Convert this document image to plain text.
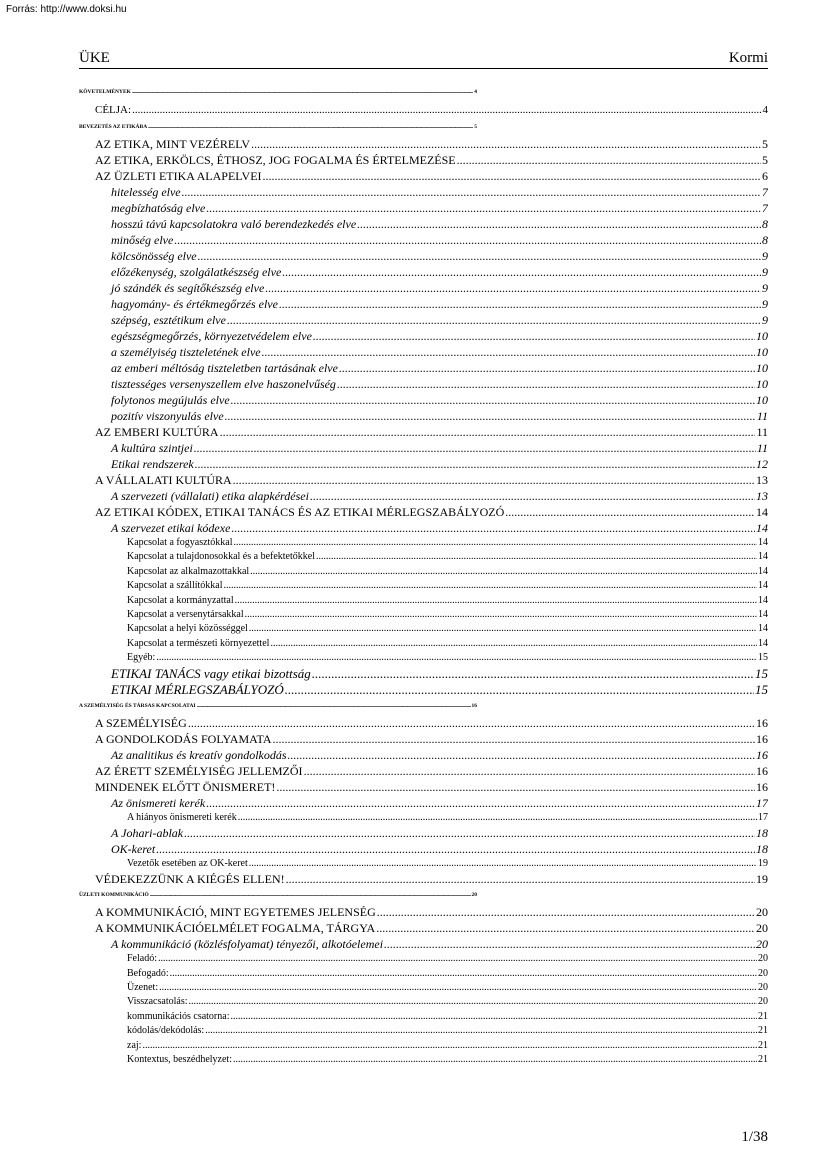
Forrás: http://www.doksi.hu
ÜKE	Kormi
KÖVETELMÉNYEK .....	4
CÉLJA: .....	4
BEVEZETÉS AZ ETIKÁBA .....	5
AZ ETIKA, MINT VEZÉRELV .....	5
AZ ETIKA, ERKÖLCS, ÉTHOSZ, JOG FOGALMA ÉS ÉRTELMEZÉSE .....	5
AZ ÜZLETI ETIKA ALAPELVEI .....	6
hitelesség elve .....	7
megbízhatóság elve .....	7
hosszú távú kapcsolatokra való berendezkedés elve .....	8
minőség elve .....	8
kölcsönösség elve .....	9
előzékenység, szolgálatkészség elve .....	9
jó szándék és segítőkészség elve .....	9
hagyomány- és értékmegőrzés elve .....	9
szépség, esztétikum elve .....	9
egészségmegőrzés, környezetvédelem elve .....	10
a személyiség tiszteletének elve .....	10
az emberi méltóság tiszteletben tartásának elve .....	10
tisztességes versenyszellem elve haszonelvűség .....	10
folytonos megújulás elve .....	10
pozitív viszonyulás elve .....	11
AZ EMBERI KULTÚRA .....	11
A kultúra szintjei .....	11
Etikai rendszerek .....	12
A VÁLLALATI KULTÚRA .....	13
A szervezeti (vállalati) etika alapkérdései .....	13
AZ ETIKAI KÓDEX, ETIKAI TANÁCS ÉS AZ ETIKAI MÉRLEGSZABÁLYOZÓ .....	14
A szervezet etikai kódexe .....	14
Kapcsolat a fogyasztókkal .....	14
Kapcsolat a tulajdonosokkal és a befektetőkkel .....	14
Kapcsolat az alkalmazottakkal .....	14
Kapcsolat a szállítókkal .....	14
Kapcsolat a kormányzattal .....	14
Kapcsolat a versenytársakkal .....	14
Kapcsolat a helyi közösséggel .....	14
Kapcsolat a természeti környezettel .....	14
Egyéb: .....	15
ETIKAI TANÁCS vagy etikai bizottság .....	15
ETIKAI MÉRLEGSZABÁLYOZÓ .....	15
A SZEMÉLYISÉG ÉS TÁRSAS KAPCSOLATAI .....	16
A SZEMÉLYISÉG .....	16
A GONDOLKODÁS FOLYAMATA .....	16
Az analitikus és kreatív gondolkodás .....	16
AZ ÉRETT SZEMÉLYISÉG JELLEMZŐI .....	16
MINDENEK ELŐTT ÖNISMERET! .....	16
Az önismereti kerék .....	17
A hiányos önismereti kerék .....	17
A Johari-ablak .....	18
OK-keret .....	18
Vezetők esetében az OK-keret .....	19
VÉDEKEZZÜNK A KIÉGÉS ELLEN! .....	19
ÜZLETI KOMMUNIKÁCIÓ .....	20
A KOMMUNIKÁCIÓ, MINT EGYETEMES JELENSÉG .....	20
A KOMMUNIKÁCIÓELMÉLET FOGALMA, TÁRGYA .....	20
A kommunikáció (közlésfolyamat) tényezői, alkotóelemei .....	20
Feladó: .....	20
Befogadó: .....	20
Üzenet: .....	20
Visszacsatolás: .....	20
kommunikációs csatorna: .....	21
kódolás/dekódolás: .....	21
zaj: .....	21
Kontextus, beszédhelyzet: .....	21
1/38
